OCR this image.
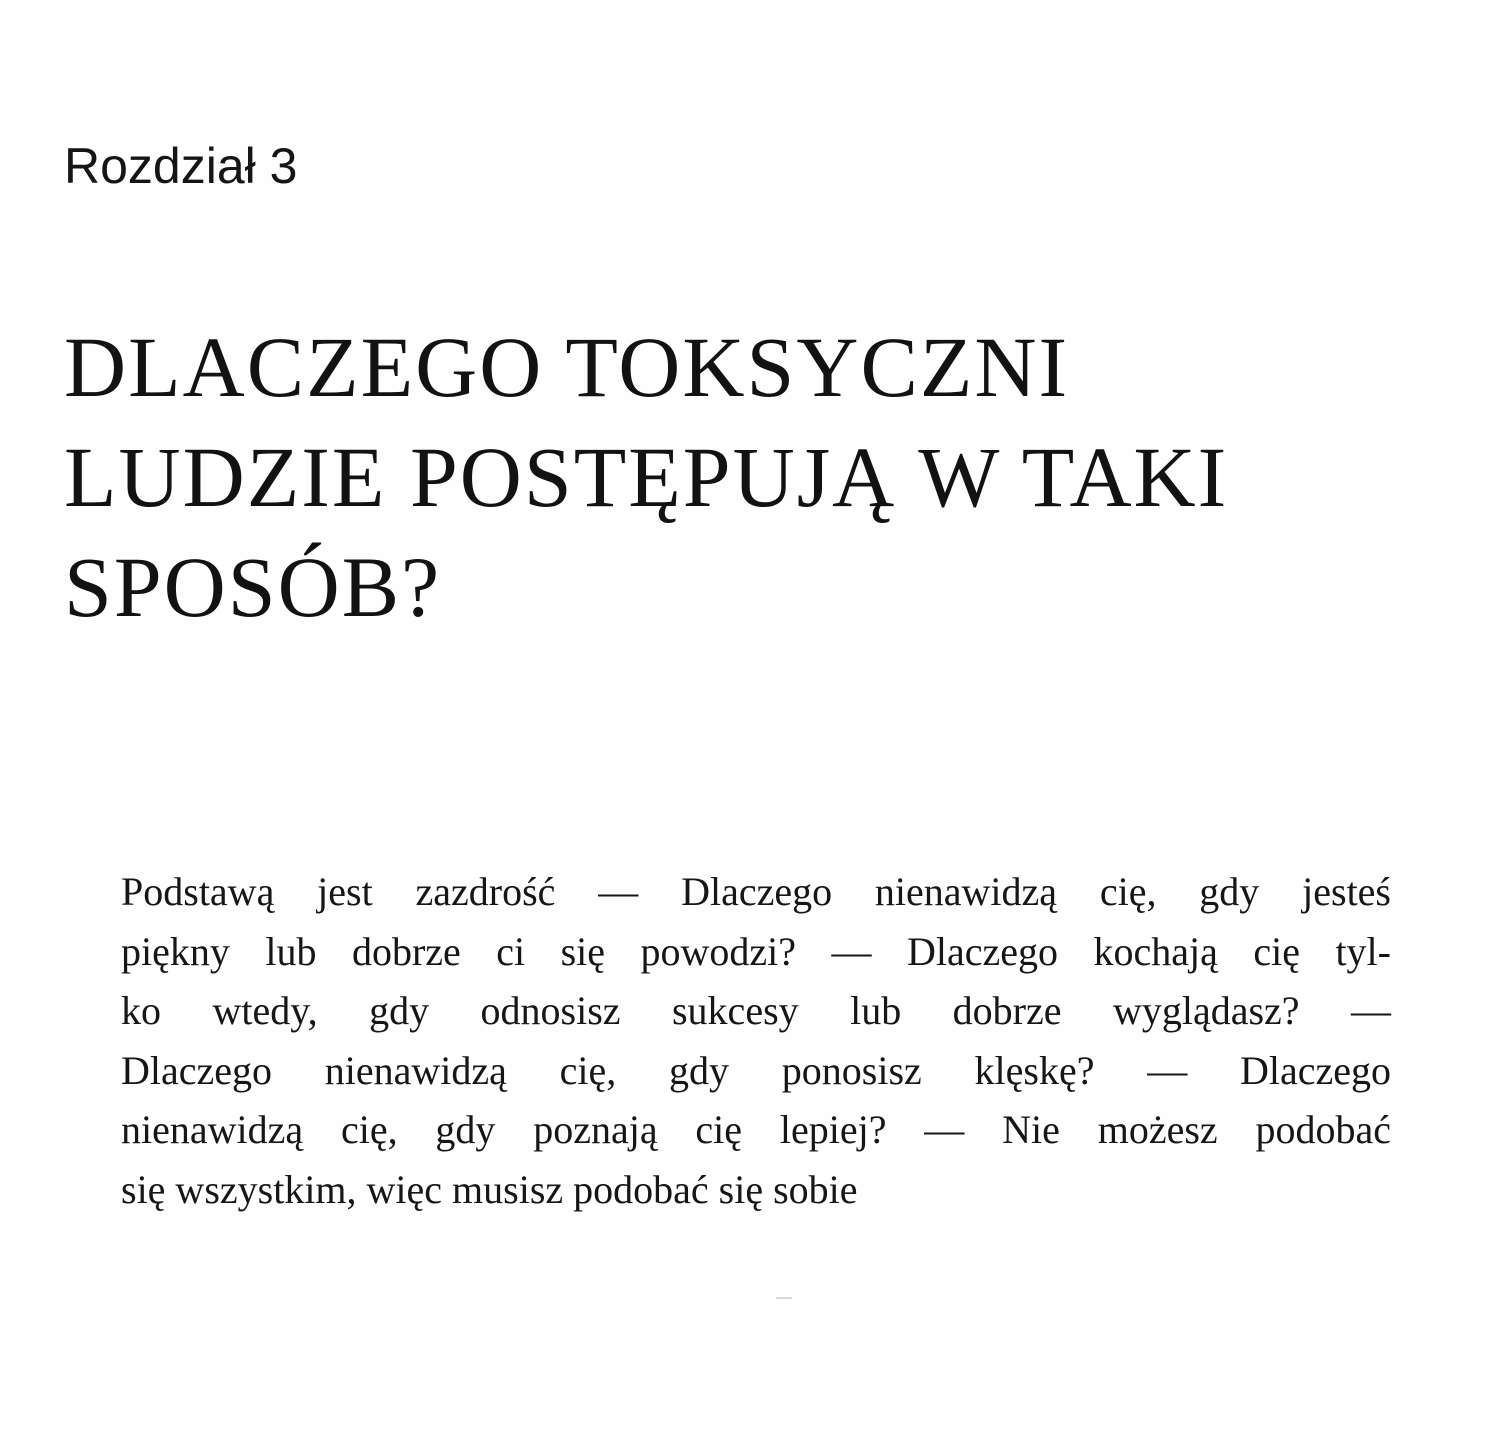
Rozdział 3

DLACZEGO TOKSYCZNI
LUDZIE POSTĘPUJĄ W TAKI
SPOSÓB?

Podstawą jest zazdrość — Dlaczego nienawidzą cię, gdy jesteś
piękny lub dobrze ci się powodzi? — Dlaczego kochają cię tyl-
ko wtedy, gdy odnosisz sukcesy lub dobrze wyglądasz? —
Dlaczego nienawidzą cię, gdy ponosisz klęskę? — Dlaczego
nienawidzą cię, gdy poznają cię lepiej? — Nie możesz podobać
się wszystkim, więc musisz podobać się sobie
